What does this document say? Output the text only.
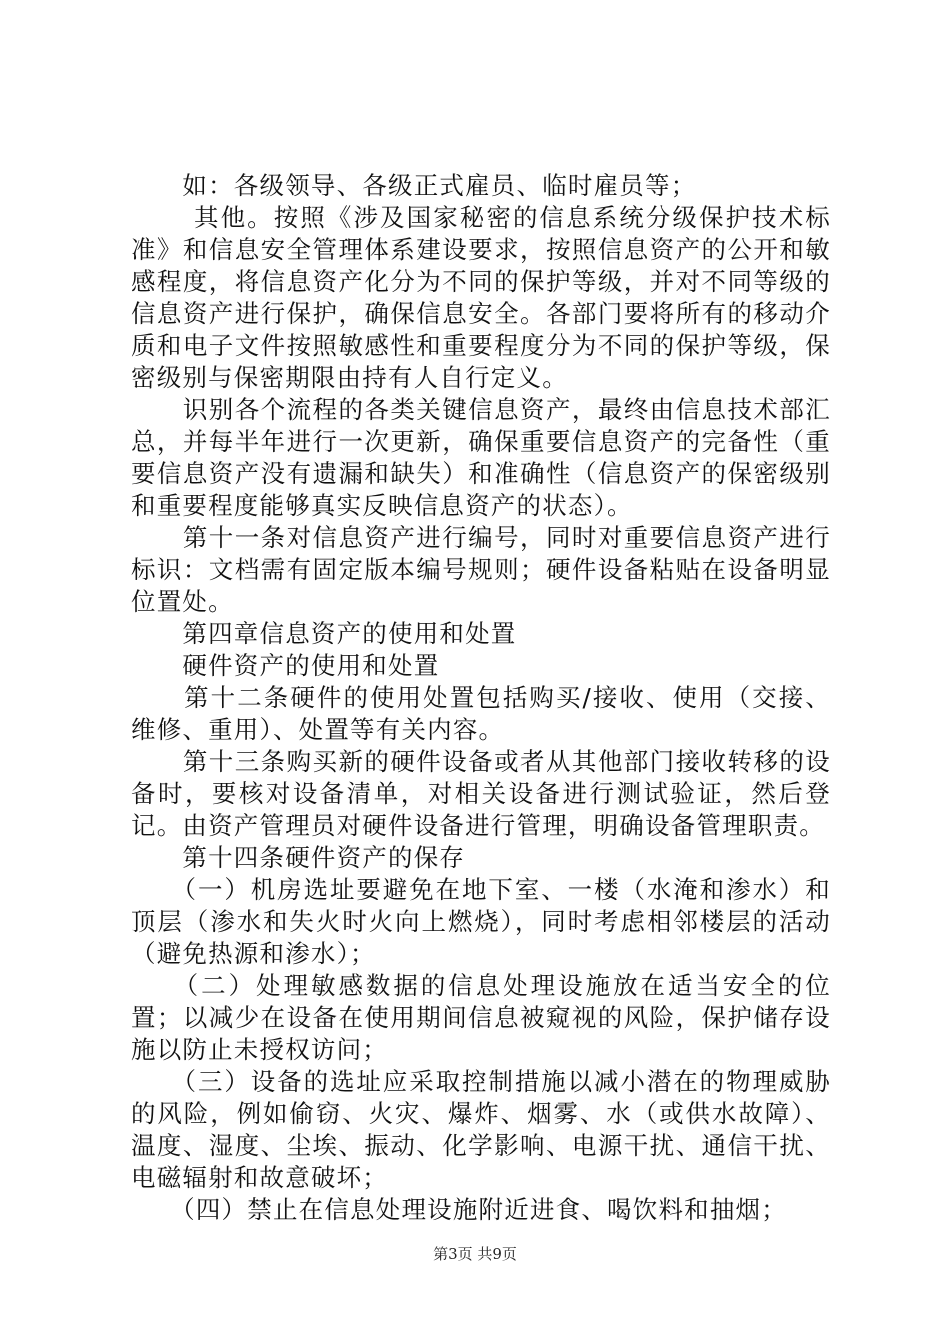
　　如：各级领导、各级正式雇员、临时雇员等；

　　 其他。按照《涉及国家秘密的信息系统分级保护技术标准》和信息安全管理体系建设要求，按照信息资产的公开和敏感程度，将信息资产化分为不同的保护等级，并对不同等级的信息资产进行保护，确保信息安全。各部门要将所有的移动介质和电子文件按照敏感性和重要程度分为不同的保护等级，保密级别与保密期限由持有人自行定义。

　　识别各个流程的各类关键信息资产，最终由信息技术部汇总，并每半年进行一次更新，确保重要信息资产的完备性（重要信息资产没有遗漏和缺失）和准确性（信息资产的保密级别和重要程度能够真实反映信息资产的状态）。

　　第十一条对信息资产进行编号，同时对重要信息资产进行标识：文档需有固定版本编号规则；硬件设备粘贴在设备明显位置处。

　　第四章信息资产的使用和处置

　　硬件资产的使用和处置

　　第十二条硬件的使用处置包括购买/接收、使用（交接、维修、重用）、处置等有关内容。

　　第十三条购买新的硬件设备或者从其他部门接收转移的设备时，要核对设备清单，对相关设备进行测试验证，然后登记。由资产管理员对硬件设备进行管理，明确设备管理职责。

　　第十四条硬件资产的保存

　　（一）机房选址要避免在地下室、一楼（水淹和渗水）和顶层（渗水和失火时火向上燃烧），同时考虑相邻楼层的活动（避免热源和渗水）；

　　（二）处理敏感数据的信息处理设施放在适当安全的位置；以减少在设备在使用期间信息被窥视的风险，保护储存设施以防止未授权访问；

　　（三）设备的选址应采取控制措施以减小潜在的物理威胁的风险，例如偷窃、火灾、爆炸、烟雾、水（或供水故障）、温度、湿度、尘埃、振动、化学影响、电源干扰、通信干扰、电磁辐射和故意破坏；

　　（四）禁止在信息处理设施附近进食、喝饮料和抽烟；

第3页 共9页
